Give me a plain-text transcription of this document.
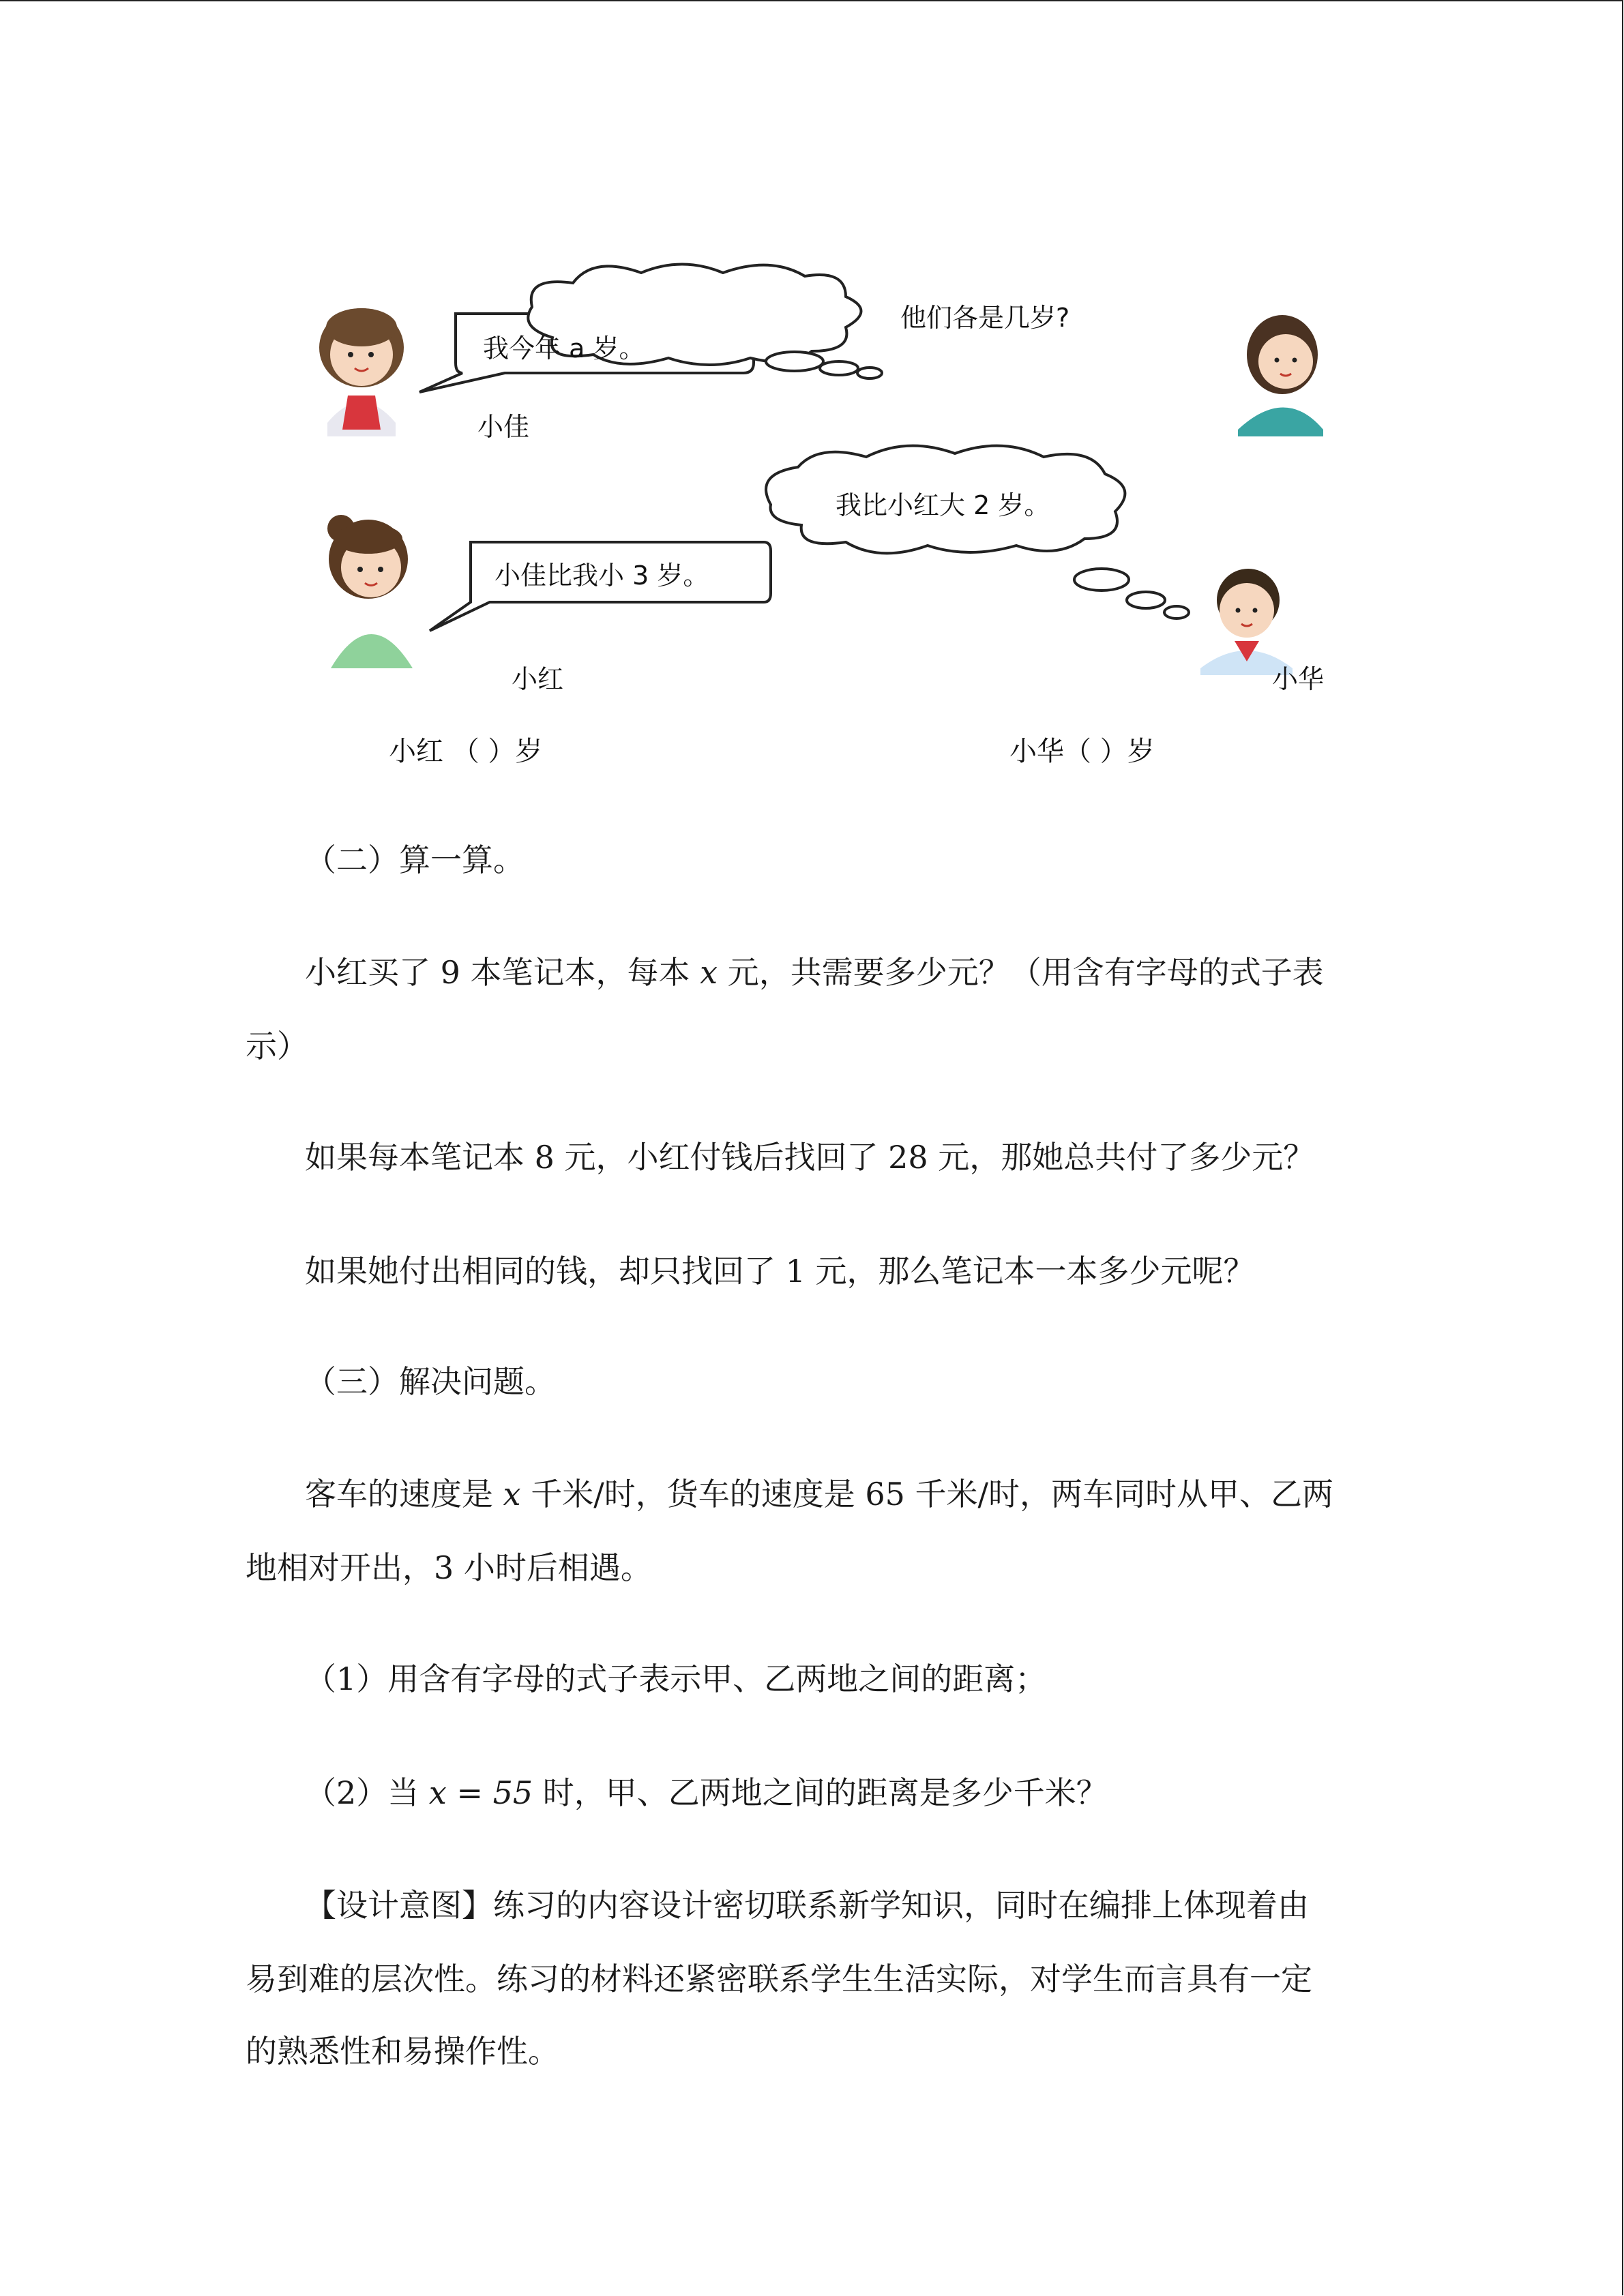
我今年 a 岁。
小佳
他们各是几岁?
小佳比我小 3 岁。
小红
我比小红大 2 岁。
小华
小红 （ ）岁	小华（ ）岁
（二）算一算。
小红买了 9 本笔记本，每本 x 元，共需要多少元？（用含有字母的式子表
示）
如果每本笔记本 8 元，小红付钱后找回了 28 元，那她总共付了多少元？
如果她付出相同的钱，却只找回了 1 元，那么笔记本一本多少元呢？
（三）解决问题。
客车的速度是 x 千米/时，货车的速度是 65 千米/时，两车同时从甲、乙两
地相对开出，3 小时后相遇。
（1）用含有字母的式子表示甲、乙两地之间的距离；
（2）当 x = 55 时，甲、乙两地之间的距离是多少千米？
【设计意图】练习的内容设计密切联系新学知识，同时在编排上体现着由
易到难的层次性。练习的材料还紧密联系学生生活实际，对学生而言具有一定
的熟悉性和易操作性。
